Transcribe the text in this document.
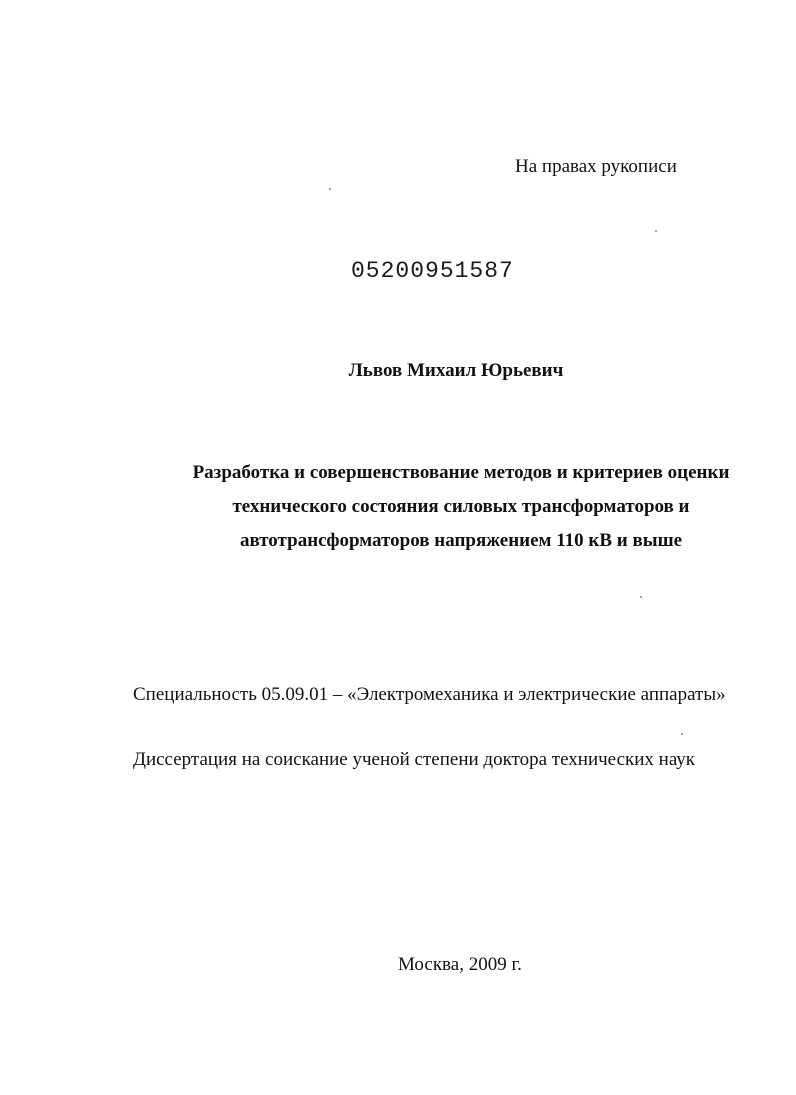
На правах рукописи
05200951587
Львов Михаил Юрьевич
Разработка и совершенствование методов и критериев оценки
технического состояния силовых трансформаторов и
автотрансформаторов напряжением 110 кВ и выше
Специальность 05.09.01 – «Электромеханика и электрические аппараты»
Диссертация на соискание ученой степени доктора технических наук
Москва, 2009 г.
